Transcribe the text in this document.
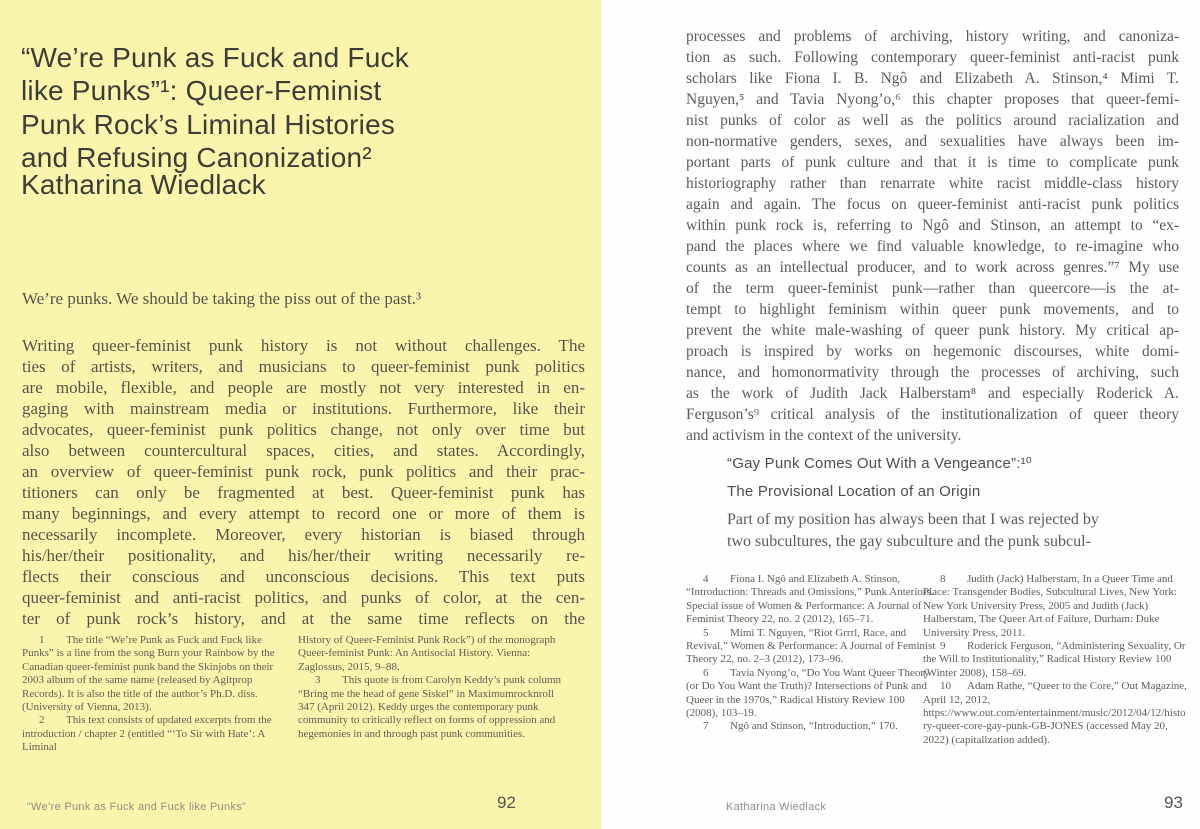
“We’re Punk as Fuck and Fuck
like Punks”¹: Queer-Feminist
Punk Rock’s Liminal Histories
and Refusing Canonization²
Katharina Wiedlack
We’re punks. We should be taking the piss out of the past.³
Writing queer-feminist punk history is not without challenges. The
ties of artists, writers, and musicians to queer-feminist punk politics
are mobile, flexible, and people are mostly not very interested in en-
gaging with mainstream media or institutions. Furthermore, like their
advocates, queer-feminist punk politics change, not only over time but
also between countercultural spaces, cities, and states. Accordingly,
an overview of queer-feminist punk rock, punk politics and their prac-
titioners can only be fragmented at best. Queer-feminist punk has
many beginnings, and every attempt to record one or more of them is
necessarily incomplete. Moreover, every historian is biased through
his/her/their positionality, and his/her/their writing necessarily re-
flects their conscious and unconscious decisions. This text puts
queer-feminist and anti-racist politics, and punks of color, at the cen-
ter of punk rock’s history, and at the same time reflects on the
1 The title “We’re Punk as Fuck and Fuck like Punks” is a line from the song Burn your Rainbow by the Canadian queer-feminist punk band the Skinjobs on their 2003 album of the same name (released by Agitprop Records). It is also the title of the author’s Ph.D. diss. (University of Vienna, 2013).
2 This text consists of updated excerpts from the introduction / chapter 2 (entitled “‘To Sir with Hate’: A Liminal
History of Queer-Feminist Punk Rock”) of the monograph Queer-feminist Punk: An Antisocial History. Vienna: Zaglossus, 2015, 9–88.
3 This quote is from Carolyn Keddy’s punk column “Bring me the head of gene Siskel” in Maximumrocknroll 347 (April 2012). Keddy urges the contemporary punk community to critically reflect on forms of oppression and hegemonies in and through past punk communities.
“We’re Punk as Fuck and Fuck like Punks”	92
processes and problems of archiving, history writing, and canoniza-
tion as such. Following contemporary queer-feminist anti-racist punk
scholars like Fiona I. B. Ngô and Elizabeth A. Stinson,⁴ Mimi T.
Nguyen,⁵ and Tavia Nyong’o,⁶ this chapter proposes that queer-femi-
nist punks of color as well as the politics around racialization and
non-normative genders, sexes, and sexualities have always been im-
portant parts of punk culture and that it is time to complicate punk
historiography rather than renarrate white racist middle-class history
again and again. The focus on queer-feminist anti-racist punk politics
within punk rock is, referring to Ngô and Stinson, an attempt to “ex-
pand the places where we find valuable knowledge, to re-imagine who
counts as an intellectual producer, and to work across genres.”⁷ My use
of the term queer-feminist punk—rather than queercore—is the at-
tempt to highlight feminism within queer punk movements, and to
prevent the white male-washing of queer punk history. My critical ap-
proach is inspired by works on hegemonic discourses, white domi-
nance, and homonormativity through the processes of archiving, such
as the work of Judith Jack Halberstam⁸ and especially Roderick A.
Ferguson’s⁹ critical analysis of the institutionalization of queer theory
and activism in the context of the university.
“Gay Punk Comes Out With a Vengeance”:¹⁰
The Provisional Location of an Origin
Part of my position has always been that I was rejected by
two subcultures, the gay subculture and the punk subcul-
4 Fiona I. Ngô and Elizabeth A. Stinson, “Introduction: Threads and Omissions,” Punk Anteriors. Special issue of Women & Performance: A Journal of Feminist Theory 22, no. 2 (2012), 165–71.
5 Mimi T. Nguyen, “Riot Grrrl, Race, and Revival,” Women & Performance: A Journal of Feminist Theory 22, no. 2–3 (2012), 173–96.
6 Tavia Nyong’o, “Do You Want Queer Theory (or Do You Want the Truth)? Intersections of Punk and Queer in the 1970s,” Radical History Review 100 (2008), 103–19.
7 Ngô and Stinson, “Introduction,” 170.
8 Judith (Jack) Halberstam, In a Queer Time and Place: Transgender Bodies, Subcultural Lives, New York: New York University Press, 2005 and Judith (Jack) Halberstam, The Queer Art of Failure, Durham: Duke University Press, 2011.
9 Roderick Ferguson, “Administering Sexuality, Or the Will to Institutionality,” Radical History Review 100 (Winter 2008), 158–69.
10 Adam Rathe, “Queer to the Core,” Out Magazine, April 12, 2012, https://www.out.com/entertainment/music/2012/04/12/history-queer-core-gay-punk-GB-JONES (accessed May 20, 2022) (capitalization added).
Katharina Wiedlack	93
